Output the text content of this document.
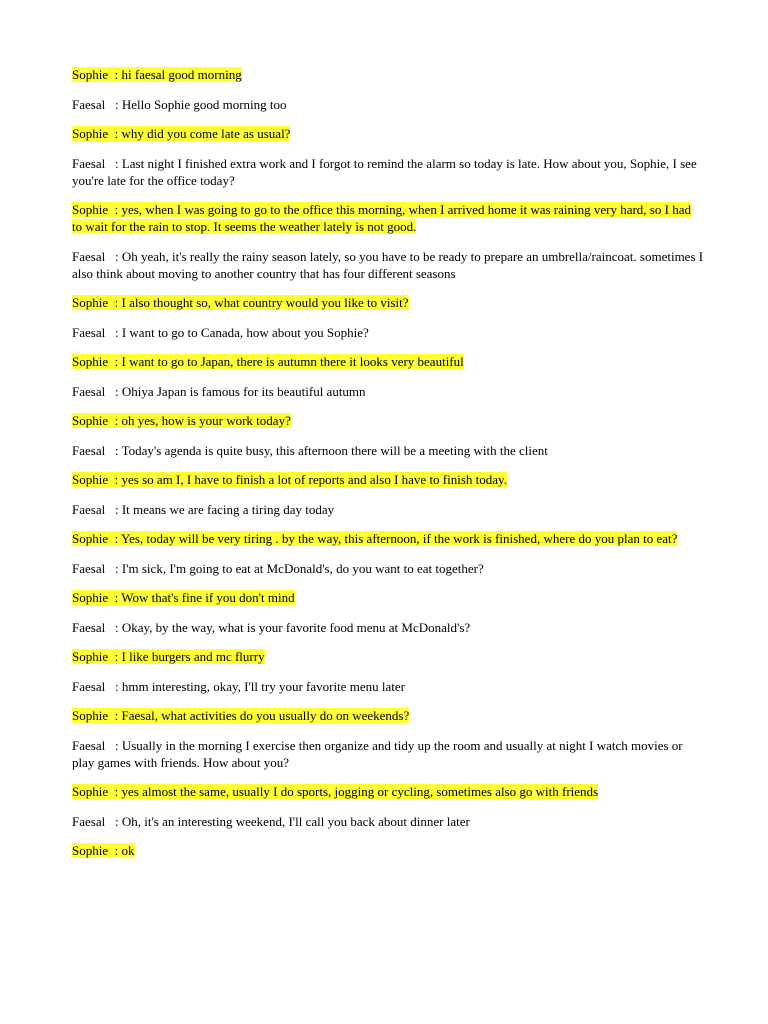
Sophie  : hi faesal good morning

Faesal   : Hello Sophie good morning too

Sophie  : why did you come late as usual?

Faesal   : Last night I finished extra work and I forgot to remind the alarm so today is late. How about you, Sophie, I see you're late for the office today?

Sophie  : yes, when I was going to go to the office this morning, when I arrived home it was raining very hard, so I had to wait for the rain to stop. It seems the weather lately is not good.

Faesal   : Oh yeah, it's really the rainy season lately, so you have to be ready to prepare an umbrella/raincoat. sometimes I also think about moving to another country that has four different seasons

Sophie  : I also thought so, what country would you like to visit?

Faesal   : I want to go to Canada, how about you Sophie?

Sophie  : I want to go to Japan, there is autumn there it looks very beautiful

Faesal   : Ohiya Japan is famous for its beautiful autumn

Sophie  : oh yes, how is your work today?

Faesal   : Today's agenda is quite busy, this afternoon there will be a meeting with the client

Sophie  : yes so am I, I have to finish a lot of reports and also I have to finish today.

Faesal   : It means we are facing a tiring day today

Sophie  : Yes, today will be very tiring . by the way, this afternoon, if the work is finished, where do you plan to eat?

Faesal   : I'm sick, I'm going to eat at McDonald's, do you want to eat together?

Sophie  : Wow that's fine if you don't mind

Faesal   : Okay, by the way, what is your favorite food menu at McDonald's?

Sophie  : I like burgers and mc flurry

Faesal   : hmm interesting, okay, I'll try your favorite menu later

Sophie  : Faesal, what activities do you usually do on weekends?

Faesal   : Usually in the morning I exercise then organize and tidy up the room and usually at night I watch movies or play games with friends. How about you?

Sophie  : yes almost the same, usually I do sports, jogging or cycling, sometimes also go with friends

Faesal   : Oh, it's an interesting weekend, I'll call you back about dinner later

Sophie  : ok
